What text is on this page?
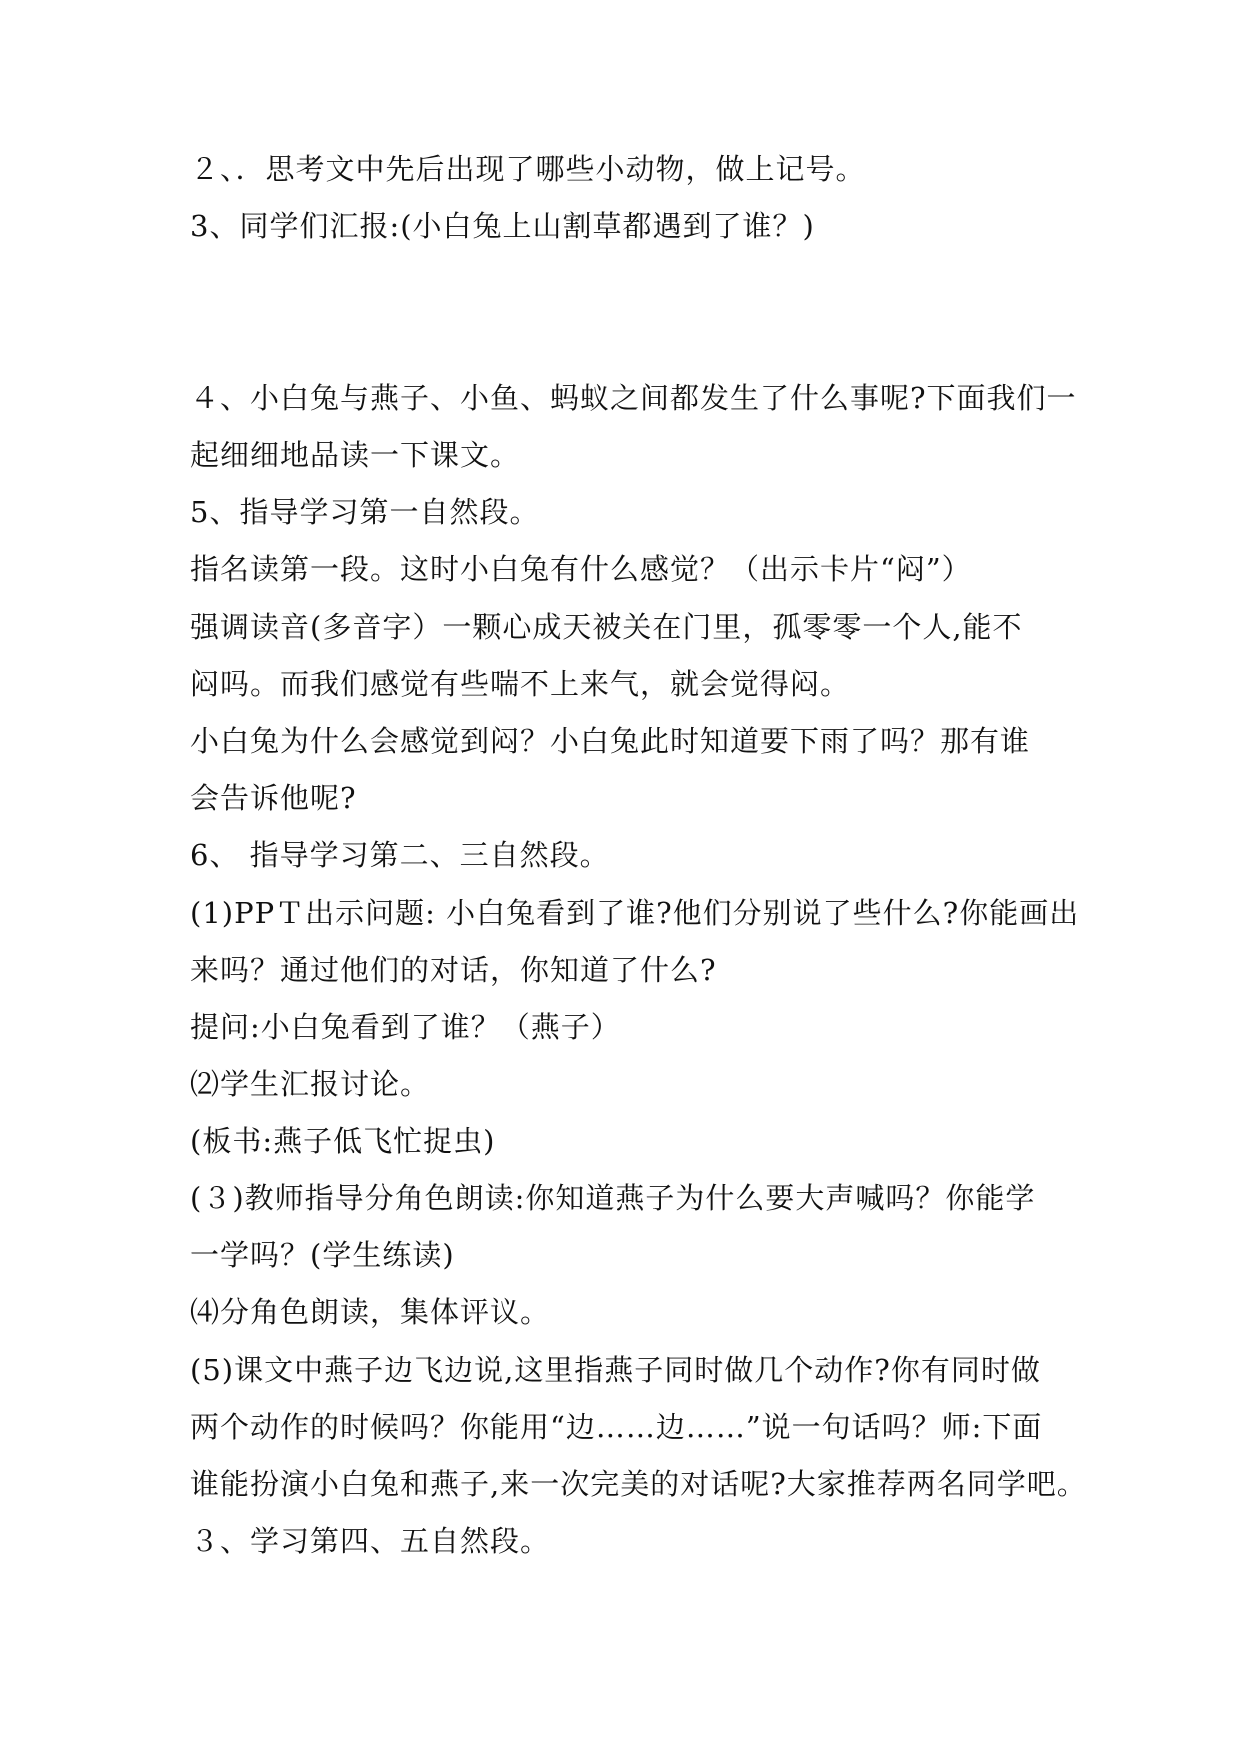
２、．思考文中先后出现了哪些小动物，做上记号。

3、同学们汇报:(小白兔上山割草都遇到了谁？)

４、小白兔与燕子、小鱼、蚂蚁之间都发生了什么事呢?下面我们一

起细细地品读一下课文。

5、指导学习第一自然段。

指名读第一段。这时小白兔有什么感觉？（出示卡片“闷”）

强调读音(多音字）一颗心成天被关在门里，孤零零一个人,能不

闷吗。而我们感觉有些喘不上来气，就会觉得闷。

小白兔为什么会感觉到闷？小白兔此时知道要下雨了吗？那有谁

会告诉他呢?

6、 指导学习第二、三自然段。

(1)PPＴ出示问题: 小白兔看到了谁?他们分别说了些什么?你能画出

来吗？通过他们的对话，你知道了什么?

提问:小白兔看到了谁？（燕子）

⑵学生汇报讨论。

(板书:燕子低飞忙捉虫)

(３)教师指导分角色朗读:你知道燕子为什么要大声喊吗？你能学

一学吗？(学生练读)

⑷分角色朗读，集体评议。

(5)课文中燕子边飞边说,这里指燕子同时做几个动作?你有同时做

两个动作的时候吗？你能用“边……边……”说一句话吗？师:下面

谁能扮演小白兔和燕子,来一次完美的对话呢?大家推荐两名同学吧。

３、学习第四、五自然段。
